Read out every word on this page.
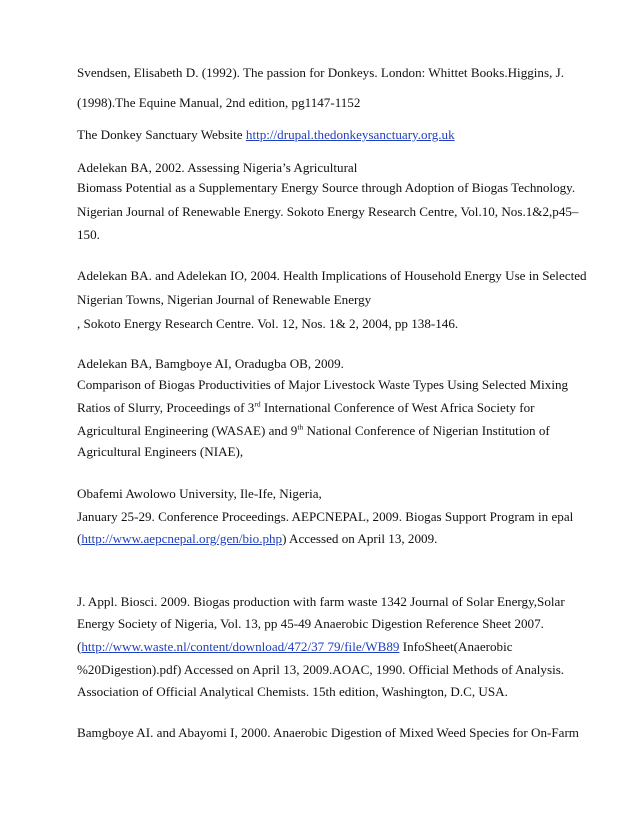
Svendsen, Elisabeth D. (1992). The passion for Donkeys. London: Whittet Books.Higgins, J.
(1998).The Equine Manual, 2nd edition, pg1147-1152
The Donkey Sanctuary Website http://drupal.thedonkeysanctuary.org.uk
Adelekan BA, 2002. Assessing Nigeria’s Agricultural
Biomass Potential as a Supplementary Energy Source through Adoption of Biogas Technology.
Nigerian Journal of Renewable Energy. Sokoto Energy Research Centre, Vol.10, Nos.1&2,p45–
150.
Adelekan BA. and Adelekan IO, 2004. Health Implications of Household Energy Use in Selected
Nigerian Towns, Nigerian Journal of Renewable Energy
, Sokoto Energy Research Centre. Vol. 12, Nos. 1& 2, 2004, pp 138-146.
Adelekan BA, Bamgboye AI, Oradugba OB, 2009.
Comparison of Biogas Productivities of Major Livestock Waste Types Using Selected Mixing
Ratios of Slurry, Proceedings of 3rd International Conference of West Africa Society for
Agricultural Engineering (WASAE) and 9th National Conference of Nigerian Institution of
Agricultural Engineers (NIAE),
Obafemi Awolowo University, Ile-Ife, Nigeria,
January 25-29. Conference Proceedings. AEPCNEPAL, 2009. Biogas Support Program in epal
(http://www.aepcnepal.org/gen/bio.php) Accessed on April 13, 2009.
J. Appl. Biosci. 2009. Biogas production with farm waste 1342 Journal of Solar Energy,Solar
Energy Society of Nigeria, Vol. 13, pp 45-49 Anaerobic Digestion Reference Sheet 2007.
(http://www.waste.nl/content/download/472/37 79/file/WB89 InfoSheet(Anaerobic
%20Digestion).pdf) Accessed on April 13, 2009.AOAC, 1990. Official Methods of Analysis.
Association of Official Analytical Chemists. 15th edition, Washington, D.C, USA.
Bamgboye AI. and Abayomi I, 2000. Anaerobic Digestion of Mixed Weed Species for On-Farm
